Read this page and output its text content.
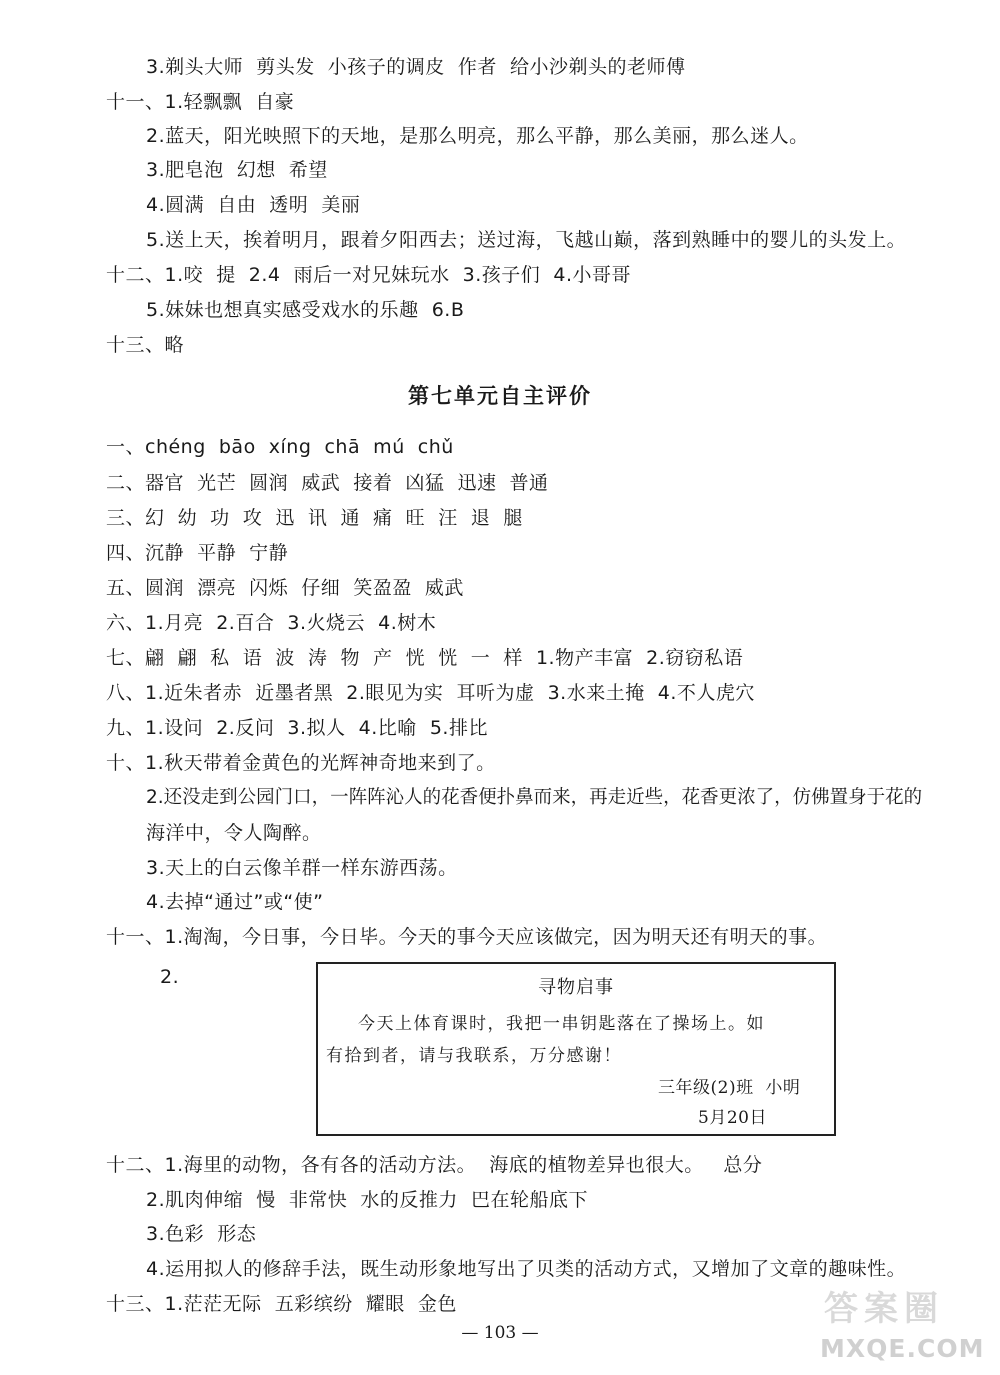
3.剃头大师  剪头发  小孩子的调皮  作者  给小沙剃头的老师傅
十一、1.轻飘飘  自豪
2.蓝天，阳光映照下的天地，是那么明亮，那么平静，那么美丽，那么迷人。
3.肥皂泡  幻想  希望
4.圆满  自由  透明  美丽
5.送上天，挨着明月，跟着夕阳西去；送过海，飞越山巅，落到熟睡中的婴儿的头发上。
十二、1.咬  提  2.4  雨后一对兄妹玩水  3.孩子们  4.小哥哥
5.妹妹也想真实感受戏水的乐趣  6.B
十三、略
第七单元自主评价
一、chéng  bāo  xíng  chā  mú  chǔ
二、器官  光芒  圆润  威武  接着  凶猛  迅速  普通
三、幻  幼  功  攻  迅  讯  通  痛  旺  汪  退  腿
四、沉静  平静  宁静
五、圆润  漂亮  闪烁  仔细  笑盈盈  威武
六、1.月亮  2.百合  3.火烧云  4.树木
七、翩  翩  私  语  波  涛  物  产  恍  恍  一  样  1.物产丰富  2.窃窃私语
八、1.近朱者赤  近墨者黑  2.眼见为实  耳听为虚  3.水来土掩  4.不人虎穴
九、1.设问  2.反问  3.拟人  4.比喻  5.排比
十、1.秋天带着金黄色的光辉神奇地来到了。
2.还没走到公园门口，一阵阵沁人的花香便扑鼻而来，再走近些，花香更浓了，仿佛置身于花的
海洋中，令人陶醉。
3.天上的白云像羊群一样东游西荡。
4.去掉“通过”或“使”
十一、1.淘淘，今日事，今日毕。今天的事今天应该做完，因为明天还有明天的事。
2.	寻物启事
今天上体育课时，我把一串钥匙落在了操场上。如
有拾到者，请与我联系，万分感谢！
三年级(2)班  小明
5月20日
十二、1.海里的动物，各有各的活动方法。  海底的植物差异也很大。   总分
2.肌肉伸缩  慢  非常快  水的反推力  巴在轮船底下
3.色彩  形态
4.运用拟人的修辞手法，既生动形象地写出了贝类的活动方式，又增加了文章的趣味性。
十三、1.茫茫无际  五彩缤纷  耀眼  金色
— 103 —
答案圈
MXQE.COM
